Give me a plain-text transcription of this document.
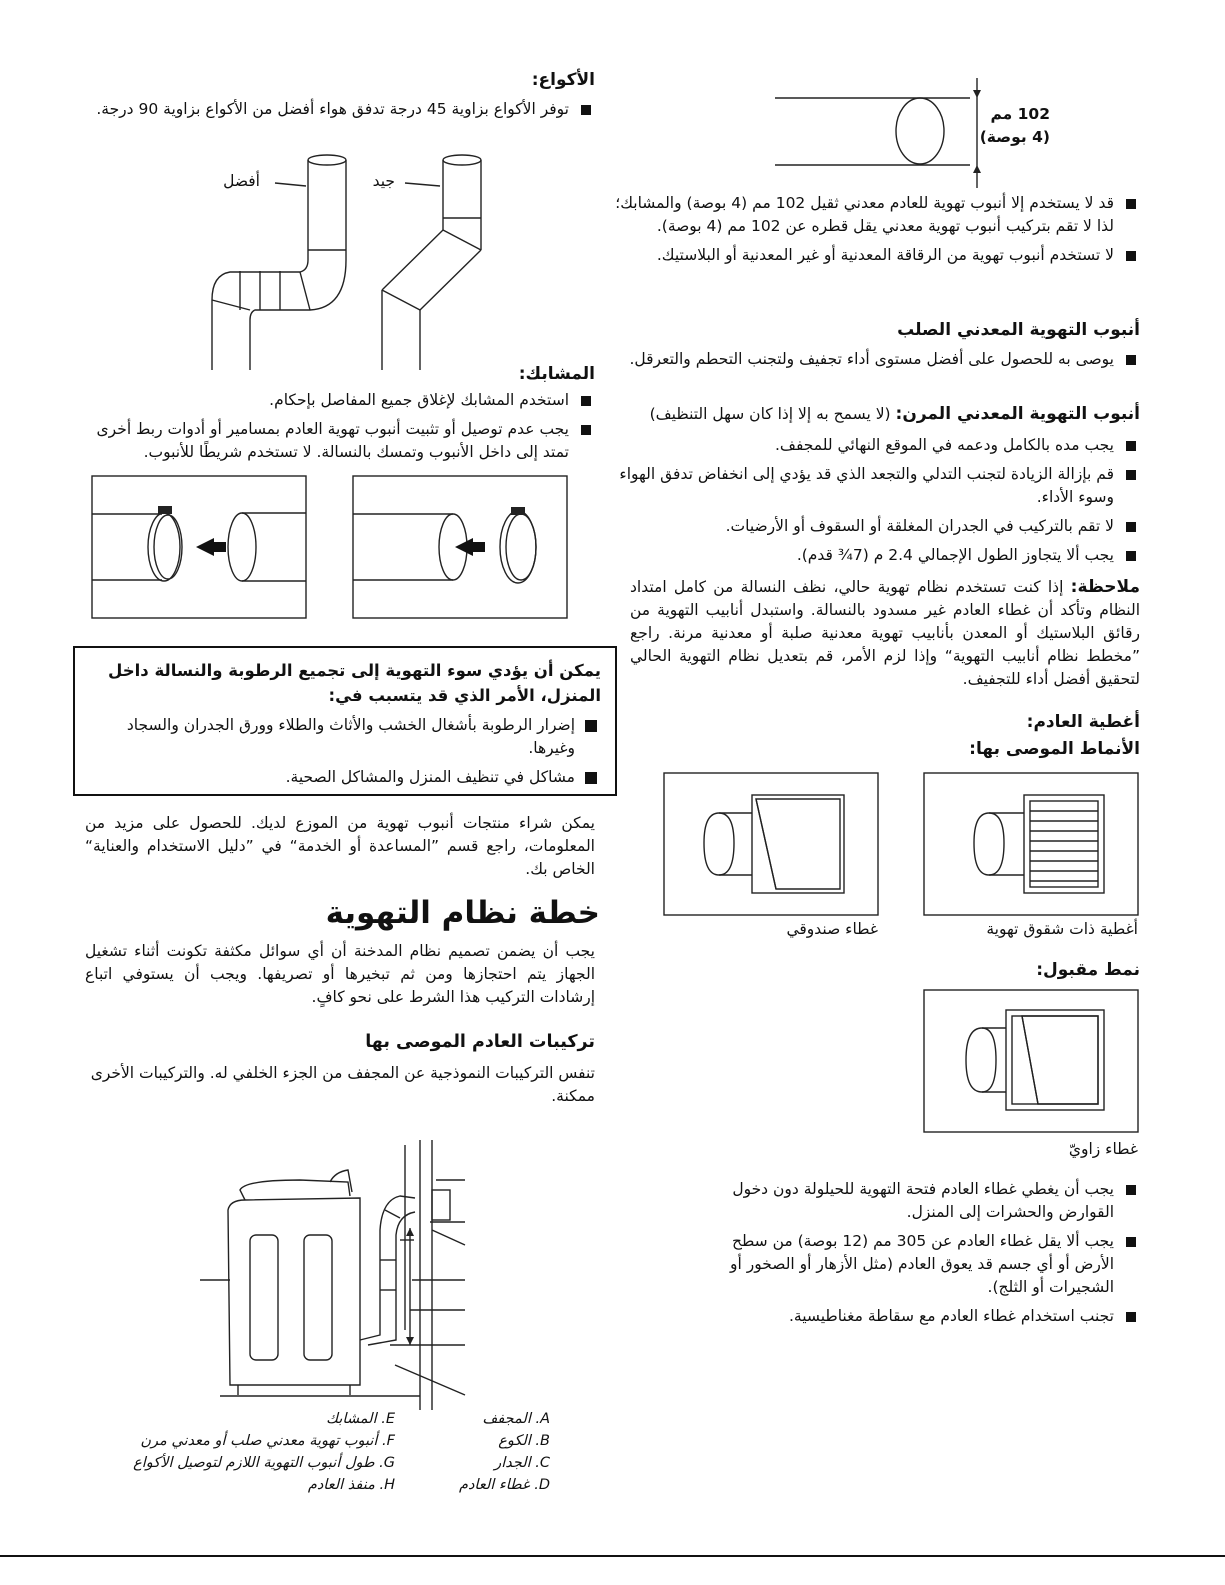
102 مم
(4 بوصة)
قد لا يستخدم إلا أنبوب تهوية للعادم معدني ثقيل 102 مم (4 بوصة) والمشابك؛ لذا لا تقم بتركيب أنبوب تهوية معدني يقل قطره عن 102 مم (4 بوصة).
لا تستخدم أنبوب تهوية من الرقاقة المعدنية أو غير المعدنية أو البلاستيك.
أنبوب التهوية المعدني الصلب
يوصى به للحصول على أفضل مستوى أداء تجفيف ولتجنب التحطم والتعرقل.
أنبوب التهوية المعدني المرن: (لا يسمح به إلا إذا كان سهل التنظيف)
يجب مده بالكامل ودعمه في الموقع النهائي للمجفف.
قم بإزالة الزيادة لتجنب التدلي والتجعد الذي قد يؤدي إلى انخفاض تدفق الهواء وسوء الأداء.
لا تقم بالتركيب في الجدران المغلقة أو السقوف أو الأرضيات.
يجب ألا يتجاوز الطول الإجمالي 2.4 م (7¾ قدم).
ملاحظة: إذا كنت تستخدم نظام تهوية حالي، نظف النسالة من كامل امتداد النظام وتأكد أن غطاء العادم غير مسدود بالنسالة. واستبدل أنابيب التهوية من رقائق البلاستيك أو المعدن بأنابيب تهوية معدنية صلبة أو معدنية مرنة. راجع ”مخطط نظام أنابيب التهوية“ وإذا لزم الأمر، قم بتعديل نظام التهوية الحالي لتحقيق أفضل أداء للتجفيف.
أغطية العادم:
الأنماط الموصى بها:
أغطية ذات شقوق تهوية
غطاء صندوقي
نمط مقبول:
غطاء زاويّ
يجب أن يغطي غطاء العادم فتحة التهوية للحيلولة دون دخول القوارض والحشرات إلى المنزل.
يجب ألا يقل غطاء العادم عن 305 مم (12 بوصة) من سطح الأرض أو أي جسم قد يعوق العادم (مثل الأزهار أو الصخور أو الشجيرات أو الثلج).
تجنب استخدام غطاء العادم مع سقاطة مغناطيسية.
الأكواع:
توفر الأكواع بزاوية 45 درجة تدفق هواء أفضل من الأكواع بزاوية 90 درجة.
أفضل	جيد
المشابك:
استخدم المشابك لإغلاق جميع المفاصل بإحكام.
يجب عدم توصيل أو تثبيت أنبوب تهوية العادم بمسامير أو أدوات ربط أخرى تمتد إلى داخل الأنبوب وتمسك بالنسالة. لا تستخدم شريطًا للأنبوب.
يمكن أن يؤدي سوء التهوية إلى تجميع الرطوبة والنسالة داخل المنزل، الأمر الذي قد يتسبب في:
إضرار الرطوبة بأشغال الخشب والأثاث والطلاء وورق الجدران والسجاد وغيرها.
مشاكل في تنظيف المنزل والمشاكل الصحية.
يمكن شراء منتجات أنبوب تهوية من الموزع لديك. للحصول على مزيد من المعلومات، راجع قسم ”المساعدة أو الخدمة“ في ”دليل الاستخدام والعناية“ الخاص بك.
خطة نظام التهوية
يجب أن يضمن تصميم نظام المدخنة أن أي سوائل مكثفة تكونت أثناء تشغيل الجهاز يتم احتجازها ومن ثم تبخيرها أو تصريفها. ويجب أن يستوفي اتباع إرشادات التركيب هذا الشرط على نحو كافٍ.
تركيبات العادم الموصى بها
تنفس التركيبات النموذجية عن المجفف من الجزء الخلفي له. والتركيبات الأخرى ممكنة.
A. المجفف
B. الكوع
C. الجدار
D. غطاء العادم
E. المشابك
F. أنبوب تهوية معدني صلب أو معدني مرن
G. طول أنبوب التهوية اللازم لتوصيل الأكواع
H. منفذ العادم
